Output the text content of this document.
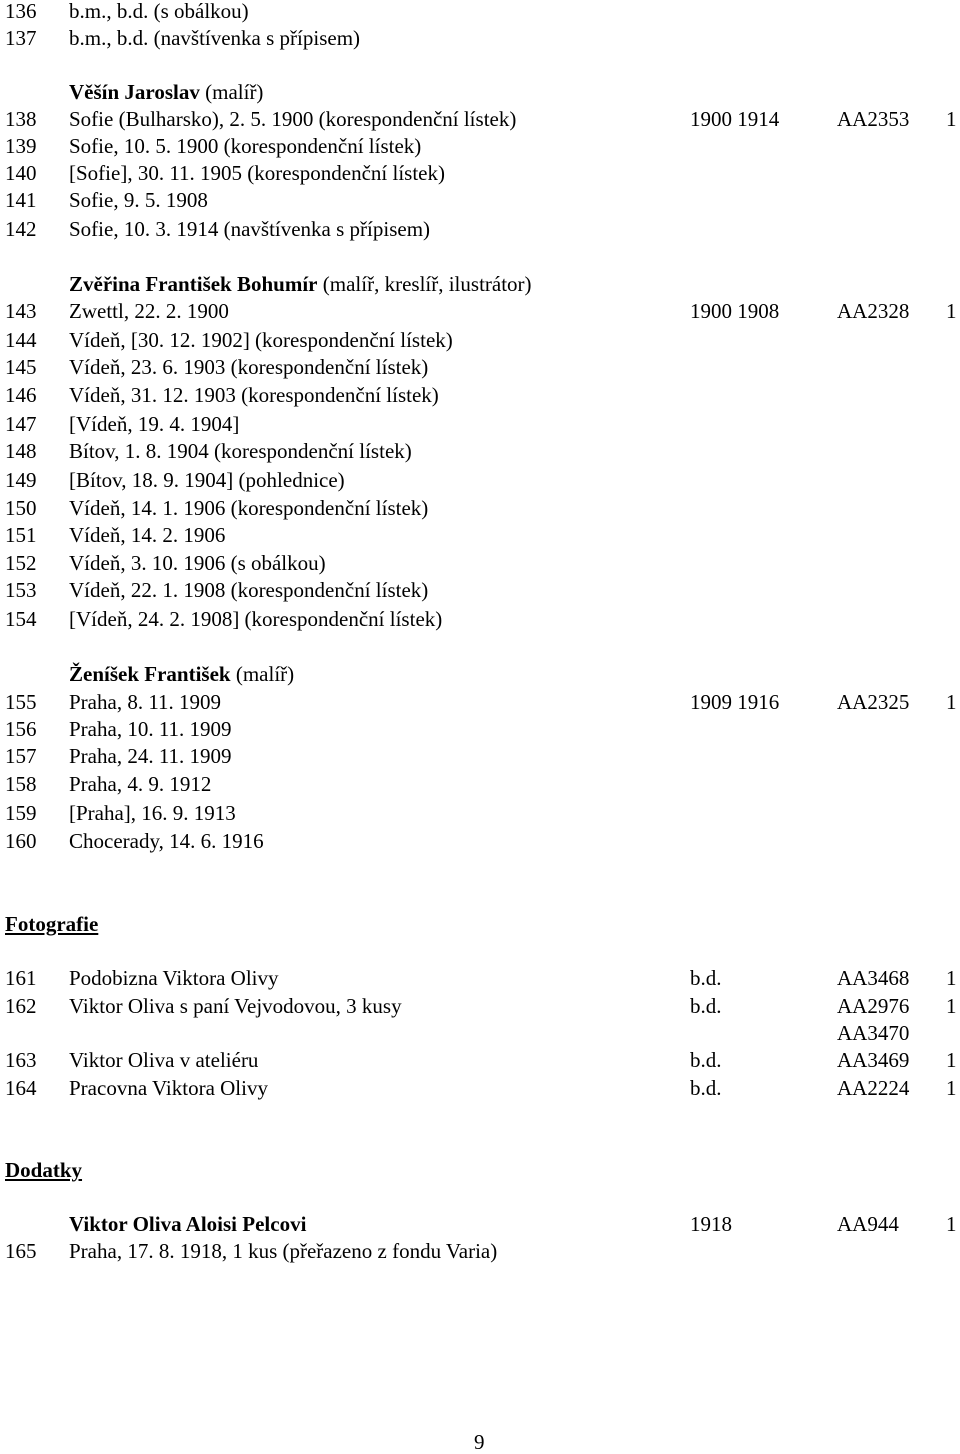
136 b.m., b.d. (s obálkou)
137 b.m., b.d. (navštívenka s přípisem)
Věšín Jaroslav (malíř)
138 Sofie (Bulharsko), 2. 5. 1900 (korespondenční lístek)	1900 1914	AA2353 1
139 Sofie, 10. 5. 1900 (korespondenční lístek)
140 [Sofie], 30. 11. 1905 (korespondenční lístek)
141 Sofie, 9. 5. 1908
142 Sofie, 10. 3. 1914 (navštívenka s přípisem)
Zvěřina František Bohumír (malíř, kreslíř, ilustrátor)
143 Zwettl, 22. 2. 1900	1900 1908	AA2328 1
144 Vídeň, [30. 12. 1902] (korespondenční lístek)
145 Vídeň, 23. 6. 1903 (korespondenční lístek)
146 Vídeň, 31. 12. 1903 (korespondenční lístek)
147 [Vídeň, 19. 4. 1904]
148 Bítov, 1. 8. 1904 (korespondenční lístek)
149 [Bítov, 18. 9. 1904] (pohlednice)
150 Vídeň, 14. 1. 1906 (korespondenční lístek)
151 Vídeň, 14. 2. 1906
152 Vídeň, 3. 10. 1906 (s obálkou)
153 Vídeň, 22. 1. 1908 (korespondenční lístek)
154 [Vídeň, 24. 2. 1908] (korespondenční lístek)
Ženíšek František (malíř)
155 Praha, 8. 11. 1909	1909 1916	AA2325 1
156 Praha, 10. 11. 1909
157 Praha, 24. 11. 1909
158 Praha, 4. 9. 1912
159 [Praha], 16. 9. 1913
160 Chocerady, 14. 6. 1916
Fotografie
161 Podobizna Viktora Olivy	b.d.	AA3468 1
162 Viktor Oliva s paní Vejvodovou, 3 kusy	b.d.	AA2976 1
AA3470
163 Viktor Oliva v ateliéru	b.d.	AA3469 1
164 Pracovna Viktora Olivy	b.d.	AA2224 1
Dodatky
Viktor Oliva Aloisi Pelcovi	1918	AA944 1
165 Praha, 17. 8. 1918, 1 kus (přeřazeno z fondu Varia)
9
